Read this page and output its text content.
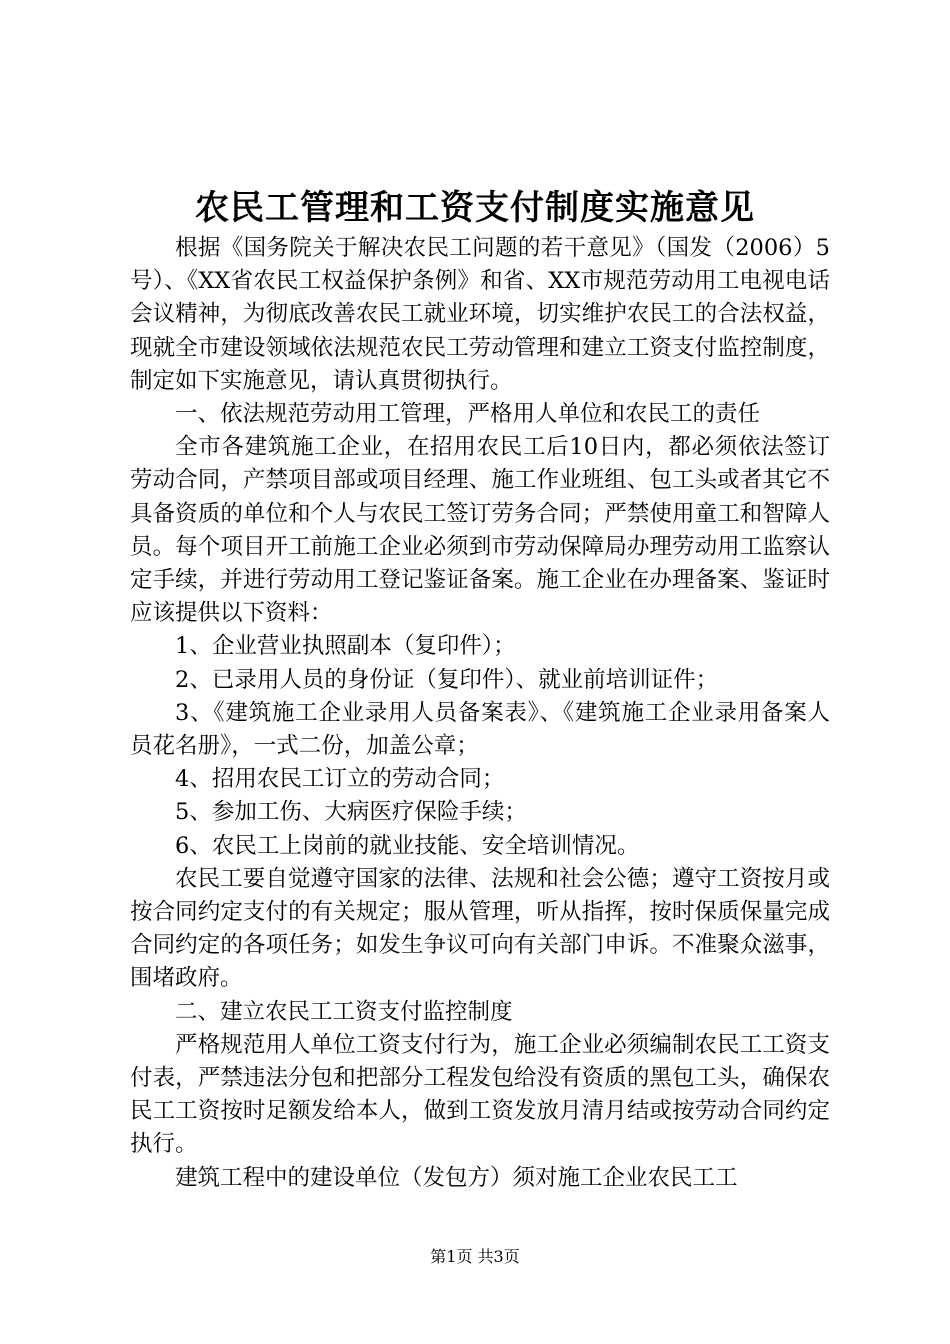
农民工管理和工资支付制度实施意见

根据《国务院关于解决农民工问题的若干意见》（国发（2006）5号）、《XX省农民工权益保护条例》和省、XX市规范劳动用工电视电话会议精神，为彻底改善农民工就业环境，切实维护农民工的合法权益，现就全市建设领域依法规范农民工劳动管理和建立工资支付监控制度，制定如下实施意见，请认真贯彻执行。

一、依法规范劳动用工管理，严格用人单位和农民工的责任

全市各建筑施工企业，在招用农民工后10日内，都必须依法签订劳动合同，产禁项目部或项目经理、施工作业班组、包工头或者其它不具备资质的单位和个人与农民工签订劳务合同；严禁使用童工和智障人员。每个项目开工前施工企业必须到市劳动保障局办理劳动用工监察认定手续，并进行劳动用工登记鉴证备案。施工企业在办理备案、鉴证时应该提供以下资料：

1、企业营业执照副本（复印件）；

2、已录用人员的身份证（复印件）、就业前培训证件；

3、《建筑施工企业录用人员备案表》、《建筑施工企业录用备案人员花名册》，一式二份，加盖公章；

4、招用农民工订立的劳动合同；

5、参加工伤、大病医疗保险手续；

6、农民工上岗前的就业技能、安全培训情况。

农民工要自觉遵守国家的法律、法规和社会公德；遵守工资按月或按合同约定支付的有关规定；服从管理，听从指挥，按时保质保量完成合同约定的各项任务；如发生争议可向有关部门申诉。不准聚众滋事，围堵政府。

二、建立农民工工资支付监控制度

严格规范用人单位工资支付行为，施工企业必须编制农民工工资支付表，严禁违法分包和把部分工程发包给没有资质的黑包工头，确保农民工工资按时足额发给本人，做到工资发放月清月结或按劳动合同约定执行。

建筑工程中的建设单位（发包方）须对施工企业农民工工

第1页 共3页
